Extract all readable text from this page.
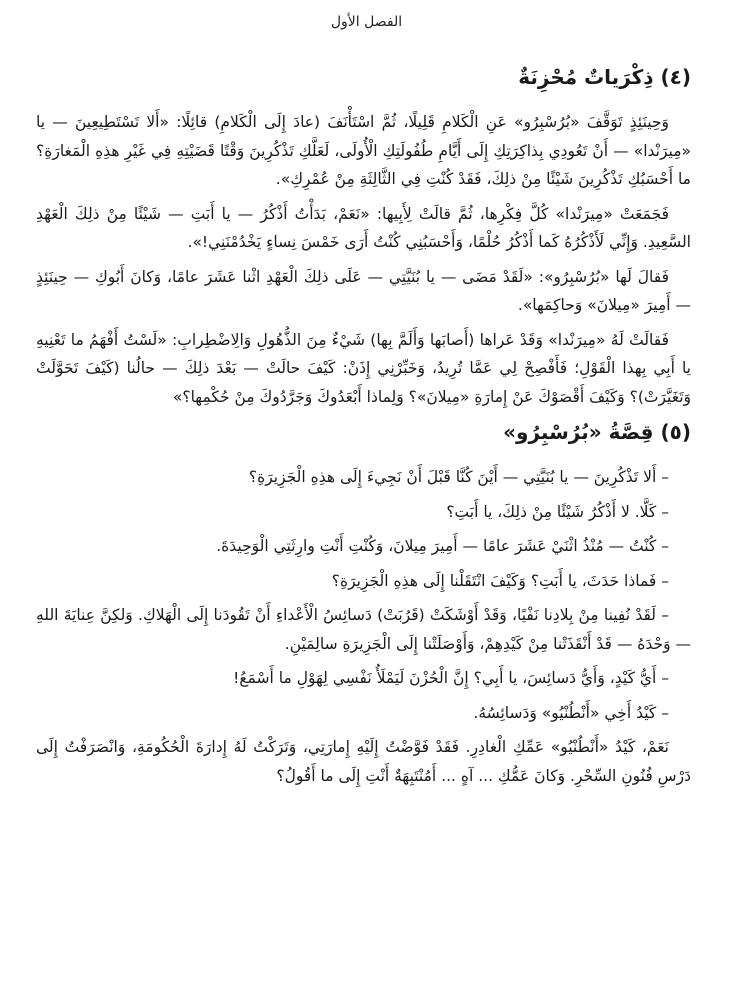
الفصل الأول
(٤) ذِكْرَياتٌ مُحْزِنَةٌ

وَحِينَئِذٍ تَوَقَّفَ «بُرُسْبِرُو» عَنِ الْكَلامِ قَلِيلًا، ثُمَّ اسْتَأْنَفَ (عادَ إِلَى الْكَلامِ) قائِلًا: «أَلا تَسْتَطِيعِينَ — يا «مِيرَنْدا» — أَنْ تَعُودِي بِذاكِرَتِكِ إِلَى أَيَّامِ طُفُولَتِكِ الْأُولَى، لَعَلَّكِ تَذْكُرِينَ وَقْتًا قَضَيْتِهِ فِي غَيْرِ هذِهِ الْمَغارَةِ؟ ما أَحْسَبُكِ تَذْكُرِينَ شَيْئًا مِنْ ذلِكَ، فَقَدْ كُنْتِ فِي الثَّالِثَةِ مِنْ عُمْرِكِ».

فَجَمَعَتْ «مِيرَنْدا» كُلَّ فِكْرِها، ثُمَّ قالَتْ لِأَبِيها: «نَعَمْ، بَدَأْتُ أَذْكُرُ — يا أَبَتِ — شَيْئًا مِنْ ذلِكَ الْعَهْدِ السَّعِيدِ. وَإِنِّي لَأَذْكُرُهُ كَما أَذْكُرُ حُلْمًا، وَأَحْسَبُنِي كُنْتُ أَرَى خَمْسَ نِساءٍ يَخْدُمْنَنِي!».

فَقالَ لَها «بُرُسْبِرُو»: «لَقَدْ مَضَى — يا بُنَيَّتِي — عَلَى ذلِكَ الْعَهْدِ اثْنا عَشَرَ عامًا، وَكانَ أَبُوكِ — حِينَئِذٍ — أَمِيرَ «مِيلانَ» وَحاكِمَها».

فَقالَتْ لَهُ «مِيرَنْدا» وَقَدْ عَراها (أَصابَها وَأَلَمَّ بِها) شَيْءٌ مِنَ الذُّهُولِ وَالِاضْطِرابِ: «لَسْتُ أَفْهَمُ ما تَعْنِيهِ يا أَبِي بِهذا الْقَوْلِ؛ فَأَفْصِحْ لِي عَمَّا تُرِيدُ، وَخَبِّرْنِي إِذَنْ: كَيْفَ حالَتْ — بَعْدَ ذلِكَ — حالُنا (كَيْفَ تَحَوَّلَتْ وَتَغَيَّرَتْ)؟ وَكَيْفَ أَقْصَوْكَ عَنْ إِمارَةِ «مِيلانَ»؟ وَلِماذا أَبْعَدُوكَ وَجَرَّدُوكَ مِنْ حُكْمِها؟»

(٥) قِصَّةُ «بُرُسْبِرُو»

– أَلا تَذْكُرِينَ — يا بُنَيَّتِي — أَيْنَ كُنَّا قَبْلَ أَنْ نَجِيءَ إِلَى هذِهِ الْجَزِيرَةِ؟

– كَلَّا. لا أَذْكُرُ شَيْئًا مِنْ ذلِكَ، يا أَبَتِ؟

– كُنْتُ — مُنْذُ اثْنَيْ عَشَرَ عامًا — أَمِيرَ مِيلانَ، وَكُنْتِ أَنْتِ وارِثَتِي الْوَحِيدَةَ.

– فَماذا حَدَثَ، يا أَبَتِ؟ وَكَيْفَ انْتَقَلْنا إِلَى هذِهِ الْجَزِيرَةِ؟

– لَقَدْ نُفِينا مِنْ بِلادِنا نَفْيًا، وَقَدْ أَوْشَكَتْ (قَرُبَتْ) دَسائِسُ الْأَعْداءِ أَنْ تَقُودَنا إِلَى الْهَلاكِ. وَلكِنَّ عِنايَةَ اللهِ — وَحْدَهُ — قَدْ أَنْقَذَتْنا مِنْ كَيْدِهِمْ، وَأَوْصَلَتْنا إِلَى الْجَزِيرَةِ سالِمَيْنِ.

– أَيُّ كَيْدٍ، وَأَيُّ دَسائِسَ، يا أَبِي؟ إِنَّ الْحُزْنَ لَيَمْلَأُ نَفْسِي لِهَوْلِ ما أَسْمَعُ!

– كَيْدُ أَخِي «أَنْطُنْيُو» وَدَسائِسُهُ.

نَعَمْ، كَيْدُ «أَنْطُنْيُو» عَمِّكِ الْغادِرِ. فَقَدْ فَوَّضْتُ إِلَيْهِ إِمارَتِي، وَتَرَكْتُ لَهُ إِدارَةَ الْحُكُومَةِ، وَانْصَرَفْتُ إِلَى دَرْسِ فُنُونِ السِّحْرِ. وَكانَ عَمُّكِ ... آهٍ ... أَمُنْتَبِهَةٌ أَنْتِ إِلَى ما أَقُولُ؟
